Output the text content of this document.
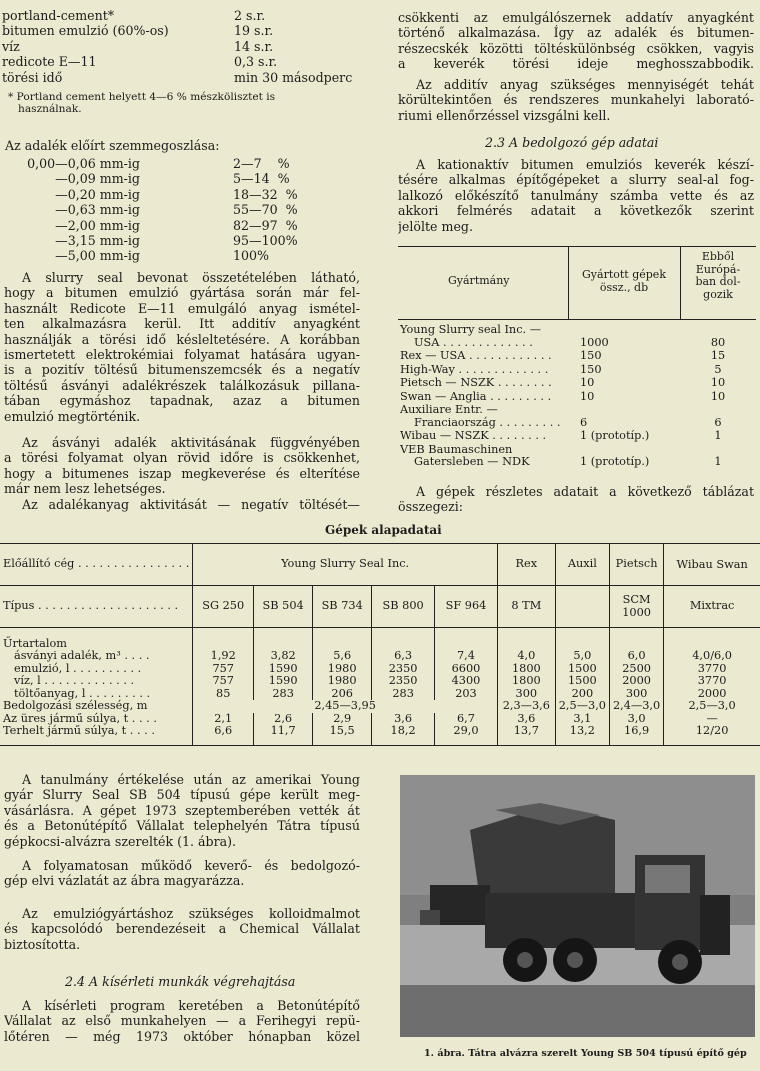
portland-cement*	2 s.r.
bitumen emulzió (60%-os)	19 s.r.
víz	14 s.r.
redicote E—11	0,3 s.r.
törési idő	min 30 másodperc
* Portland cement helyett 4—6 % mészkölisztet is
használnak.
Az adalék előírt szemmegoszlása:
0,00—0,06 mm-ig	2—7    %
—0,09 mm-ig	5—14  %
—0,20 mm-ig	18—32  %
—0,63 mm-ig	55—70  %
—2,00 mm-ig	82—97  %
—3,15 mm-ig	95—100%
—5,00 mm-ig	100%
A slurry seal bevonat összetételében látható,
hogy a bitumen emulzió gyártása során már fel-
használt Redicote E—11 emulgáló anyag ismétel-
ten alkalmazásra kerül. Itt additív anyagként
használják a törési idő késleltetésére. A korábban
ismertetett elektrokémiai folyamat hatására ugyan-
is a pozitív töltésű bitumenszemcsék és a negatív
töltésű ásványi adalékrészek találkozásuk pillana-
tában egymáshoz tapadnak, azaz a bitumen
emulzió megtörténik.
Az ásványi adalék aktivitásának függvényében
a törési folyamat olyan rövid időre is csökkenhet,
hogy a bitumenes iszap megkeverése és elterítése
már nem lesz lehetséges.
Az adalékanyag aktivitását — negatív töltését—
csökkenti az emulgálószernek addatív anyagként
történő alkalmazása. Így az adalék és bitumen-
részecskék közötti töltéskülönbség csökken, vagyis
a keverék törési ideje meghosszabbodik.
Az additív anyag szükséges mennyiségét tehát
körültekintően és rendszeres munkahelyi laborató-
riumi ellenőrzéssel vizsgálni kell.
2.3 A bedolgozó gép adatai
A kationaktív bitumen emulziós keverék készí-
tésére alkalmas építőgépeket a slurry seal-al fog-
lalkozó előkészítő tanulmány számba vette és az
akkori felmérés adatait a következők szerint
jelölte meg.
Gyártmány	Gyártott gépek
össz., db
Ebből
Európá-
ban dol-
gozik
Young Slurry seal Inc. —
USA . . . . . . . . . . . . .	1000	80
Rex — USA . . . . . . . . . . . .	150	15
High-Way . . . . . . . . . . . . .	150	5
Pietsch — NSZK . . . . . . . .	10	10
Swan — Anglia . . . . . . . . .	10	10
Auxiliare Entr. —
Franciaország . . . . . . . . . 6	6
Wibau — NSZK . . . . . . . .	1 (prototíp.)	1
VEB Baumaschinen
Gatersleben — NDK	1 (prototíp.)	1
A gépek részletes adatait a következő táblázat
összegezi:
Gépek alapadatai
Előállító cég . . . . . . . . . . . . . . . .	Young Slurry Seal Inc.					Rex	Auxil	Pietsch	Wibau Swan
Típus . . . . . . . . . . . . . . . . . . . .	SG 250	SB 504	SB 734	SB 800	SF 964	8 TM		SCM 1000	Mixtrac

Űrtartalom									
ásványi adalék, m³ . . . .	1,92	3,82	5,6	6,3	7,4	4,0	5,0	6,0	4,0/6,0
emulzió, l . . . . . . . . . .	757	1590	1980	2350	6600	1800	1500	2500	3770
víz, l . . . . . . . . . . . . .	757	1590	1980	2350	4300	1800	1500	2000	3770
töltőanyag, l . . . . . . . . .	85	283	206	283	203	300	200	300	2000
Bedolgozási szélesség, m	2,45—3,95					2,3—3,6	2,5—3,0	2,4—3,0	2,5—3,0
Az üres jármű súlya, t . . . .	2,1	2,6	2,9	3,6	6,7	3,6	3,1	3,0	—
Terhelt jármű súlya, t . . . .	6,6	11,7	15,5	18,2	29,0	13,7	13,2	16,9	12/20
A tanulmány értékelése után az amerikai Young
gyár Slurry Seal SB 504 típusú gépe került meg-
vásárlásra. A gépet 1973 szeptemberében vették át
és a Betonútépítő Vállalat telephelyén Tátra típusú
gépkocsi-alvázra szerelték (1. ábra).
A folyamatosan működő keverő- és bedolgozó-
gép elvi vázlatát az ábra magyarázza.
Az emulziógyártáshoz szükséges kolloidmalmot
és kapcsolódó berendezéseit a Chemical Vállalat
biztosította.
2.4 A kísérleti munkák végrehajtása
A kísérleti program keretében a Betonútépítő
Vállalat az első munkahelyen — a Ferihegyi repü-
lőtéren — még 1973 október hónapban közel
1. ábra. Tátra alvázra szerelt Young SB 504 típusú építő gép
